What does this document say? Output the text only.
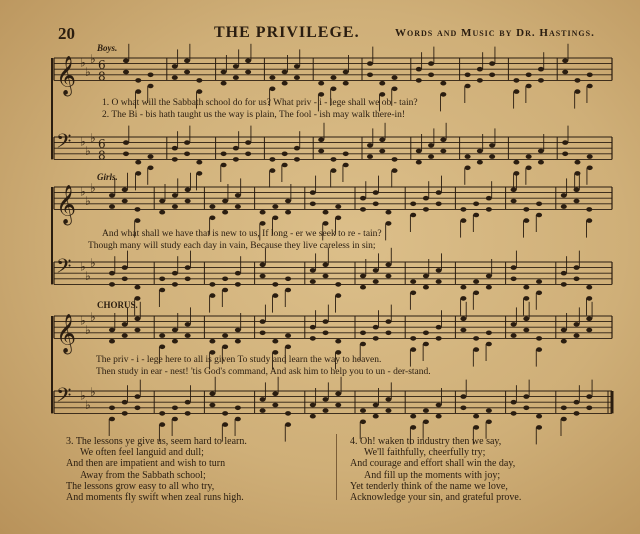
20	THE PRIVILEGE.	Words and Music by Dr. Hastings.
𝄞 ♭
♭
♭ 6
8
𝄢 ♭
♭
♭ 6
8
𝄞 ♭
♭
♭
𝄢 ♭
♭
♭
𝄞 ♭
♭
♭
𝄢 ♭
♭
♭
Boys.
Girls.
CHORUS.
1. O what will the Sabbath school do for us? What priv - i - lege shall we ob - tain?
2. The Bi - bis hath taught us the way is plain, The fool - ish may walk there-in!
And what shall we have that is new to us, If long - er we seek to re - tain?
Though many will study each day in vain, Because they live careless in sin;
The priv - i - lege here to all is given To study and learn the way to heaven.
Then study in ear - nest! 'tis God's command, And ask him to help you to un - der-stand.
3. The lessons ye give us, seem hard to learn.
We often feel languid and dull;
And then are impatient and wish to turn
Away from the Sabbath school;
The lessons grow easy to all who try,
And moments fly swift when zeal runs high.
4. Oh! waken to industry then we say,
We'll faithfully, cheerfully try;
And courage and effort shall win the day,
And fill up the moments with joy;
Yet tenderly think of the name we love,
Acknowledge your sin, and grateful prove.
